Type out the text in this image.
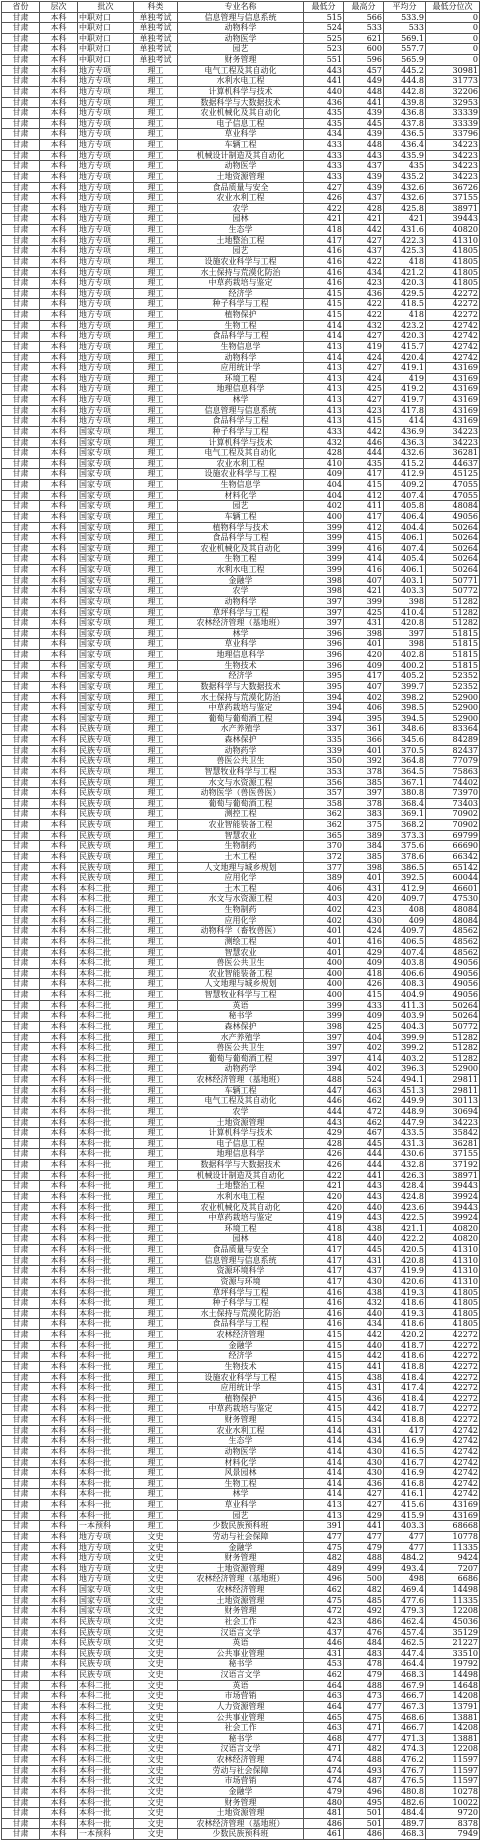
省份	层次	批次	科类	专业名称	最低分	最高分	平均分	最低分位次
甘肃	本科	中职对口	单独考试	信息管理与信息系统	515	566	533.9	0
甘肃	本科	中职对口	单独考试	动物科学	524	533	533	0
甘肃	本科	中职对口	单独考试	动物医学	525	621	569.1	0
甘肃	本科	中职对口	单独考试	园艺	523	600	557.7	0
甘肃	本科	中职对口	单独考试	财务管理	551	596	565.9	0
甘肃	本科	地方专项	理工	电气工程及其自动化	443	457	445.2	30981
甘肃	本科	地方专项	理工	水利水电工程	441	449	444.8	31773
甘肃	本科	地方专项	理工	计算机科学与技术	440	448	442.8	32206
甘肃	本科	地方专项	理工	数据科学与大数据技术	436	441	439.8	32953
甘肃	本科	地方专项	理工	农业机械化及其自动化	435	439	436.8	33339
甘肃	本科	地方专项	理工	电子信息工程	435	445	437.8	33339
甘肃	本科	地方专项	理工	草业科学	434	439	436.5	33796
甘肃	本科	地方专项	理工	车辆工程	433	448	436.4	34223
甘肃	本科	地方专项	理工	机械设计制造及其自动化	433	443	435.9	34223
甘肃	本科	地方专项	理工	动物医学	433	437	435	34223
甘肃	本科	地方专项	理工	土地资源管理	433	439	435.2	34223
甘肃	本科	地方专项	理工	食品质量与安全	427	439	432.6	36726
甘肃	本科	地方专项	理工	农业水利工程	426	437	432.6	37155
甘肃	本科	地方专项	理工	农学	422	428	425.8	38971
甘肃	本科	地方专项	理工	园林	421	421	421	39443
甘肃	本科	地方专项	理工	生态学	418	442	431.6	40820
甘肃	本科	地方专项	理工	土地整治工程	417	427	422.3	41310
甘肃	本科	地方专项	理工	园艺	416	437	425.3	41805
甘肃	本科	地方专项	理工	设施农业科学与工程	416	422	418	41805
甘肃	本科	地方专项	理工	水土保持与荒漠化防治	416	434	421.2	41805
甘肃	本科	地方专项	理工	中草药栽培与鉴定	416	423	420.3	41805
甘肃	本科	地方专项	理工	经济学	415	436	429.5	42272
甘肃	本科	地方专项	理工	种子科学与工程	415	422	418.5	42272
甘肃	本科	地方专项	理工	植物保护	415	422	418	42272
甘肃	本科	地方专项	理工	生物工程	414	432	423.2	42742
甘肃	本科	地方专项	理工	食品科学与工程	414	427	420.3	42742
甘肃	本科	地方专项	理工	生物信息学	413	419	415.7	42742
甘肃	本科	地方专项	理工	动物科学	414	424	420.4	42742
甘肃	本科	地方专项	理工	应用统计学	413	427	419.1	43169
甘肃	本科	地方专项	理工	环境工程	413	424	419	43169
甘肃	本科	地方专项	理工	地理信息科学	413	425	419.2	43169
甘肃	本科	地方专项	理工	林学	413	427	419.7	43169
甘肃	本科	地方专项	理工	信息管理与信息系统	413	423	417.8	43169
甘肃	本科	地方专项	理工	食品科学与工程	413	415	414	43169
甘肃	本科	国家专项	理工	种子科学与工程	433	442	436.9	34223
甘肃	本科	国家专项	理工	计算机科学与技术	432	446	436.3	34223
甘肃	本科	国家专项	理工	电气工程及其自动化	428	444	432.6	36281
甘肃	本科	国家专项	理工	农业水利工程	410	435	415.2	44637
甘肃	本科	国家专项	理工	设施农业科学与工程	409	417	412.9	45125
甘肃	本科	国家专项	理工	生物信息学	404	415	409.2	47055
甘肃	本科	国家专项	理工	材料化学	404	412	407.4	47055
甘肃	本科	国家专项	理工	园艺	402	411	405.8	48084
甘肃	本科	国家专项	理工	车辆工程	400	417	406.4	49056
甘肃	本科	国家专项	理工	植物科学与技术	399	412	404.4	50264
甘肃	本科	国家专项	理工	食品科学与工程	399	415	406.1	50264
甘肃	本科	国家专项	理工	农业机械化及其自动化	399	416	407.4	50264
甘肃	本科	国家专项	理工	生物工程	399	414	405.4	50264
甘肃	本科	国家专项	理工	水利水电工程	399	416	406.1	50264
甘肃	本科	国家专项	理工	金融学	398	407	403.1	50771
甘肃	本科	国家专项	理工	农学	398	421	403.3	50772
甘肃	本科	国家专项	理工	动物科学	397	399	398	51282
甘肃	本科	国家专项	理工	草坪科学与工程	397	425	410.4	51282
甘肃	本科	国家专项	理工	农林经济管理（基地班）	397	431	420.8	51282
甘肃	本科	国家专项	理工	林学	396	398	397	51815
甘肃	本科	国家专项	理工	草业科学	396	401	398	51815
甘肃	本科	国家专项	理工	地理信息科学	396	420	402.8	51815
甘肃	本科	国家专项	理工	生物技术	396	409	400.2	51815
甘肃	本科	国家专项	理工	经济学	395	417	405.2	52352
甘肃	本科	国家专项	理工	数据科学与大数据技术	395	407	399.7	52352
甘肃	本科	国家专项	理工	水土保持与荒漠化防治	394	402	398.2	52900
甘肃	本科	国家专项	理工	中草药栽培与鉴定	394	406	398.5	52900
甘肃	本科	国家专项	理工	葡萄与葡萄酒工程	394	395	394.5	52900
甘肃	本科	民族专项	理工	水产养殖学	337	361	348.6	83364
甘肃	本科	民族专项	理工	森林保护	335	366	345.6	84289
甘肃	本科	民族专项	理工	动物药学	339	401	370.5	82437
甘肃	本科	民族专项	理工	兽医公共卫生	350	392	364.8	77079
甘肃	本科	民族专项	理工	智慧牧业科学与工程	353	378	364.5	75863
甘肃	本科	民族专项	理工	水文与水资源工程	356	385	367.1	74402
甘肃	本科	民族专项	理工	动物医学（兽医兽医）	357	397	380.8	73970
甘肃	本科	民族专项	理工	葡萄与葡萄酒工程	358	378	368.4	73403
甘肃	本科	民族专项	理工	测控工程	362	383	369.1	70902
甘肃	本科	民族专项	理工	农业智能装备工程	362	375	368.2	70902
甘肃	本科	民族专项	理工	智慧农业	365	389	373.3	69799
甘肃	本科	民族专项	理工	生物制药	370	384	375.6	66690
甘肃	本科	民族专项	理工	土木工程	372	385	378.6	66342
甘肃	本科	民族专项	理工	人文地理与城乡规划	377	398	386.5	65142
甘肃	本科	民族专项	理工	应用化学	389	401	392.5	60044
甘肃	本科	本科二批	理工	土木工程	406	431	412.9	46601
甘肃	本科	本科二批	理工	水文与水资源工程	403	420	409.7	47530
甘肃	本科	本科二批	理工	生物制药	402	423	408	48084
甘肃	本科	本科二批	理工	应用化学	402	430	409	48084
甘肃	本科	本科二批	理工	动物科学（畜牧兽医）	401	424	409.7	48562
甘肃	本科	本科二批	理工	测绘工程	401	416	406.5	48562
甘肃	本科	本科二批	理工	智慧农业	401	429	407.4	48562
甘肃	本科	本科二批	理工	兽医公共卫生	400	409	403.8	49056
甘肃	本科	本科二批	理工	农业智能装备工程	400	418	406.6	49056
甘肃	本科	本科二批	理工	人文地理与城乡规划	400	426	408.3	49056
甘肃	本科	本科二批	理工	智慧牧业科学与工程	400	415	404.9	49056
甘肃	本科	本科二批	理工	英语	399	433	411.3	50264
甘肃	本科	本科二批	理工	秘书学	399	409	403.9	50264
甘肃	本科	本科二批	理工	森林保护	398	425	404.3	50772
甘肃	本科	本科二批	理工	水产养殖学	397	404	399.9	51282
甘肃	本科	本科二批	理工	兽医公共卫生	397	402	399.2	51282
甘肃	本科	本科二批	理工	葡萄与葡萄酒工程	397	414	403.2	51282
甘肃	本科	本科二批	理工	动物药学	394	402	396.3	52900
甘肃	本科	本科一批	理工	农林经济管理（基地班）	488	524	494.1	29811
甘肃	本科	本科一批	理工	车辆工程	447	463	451.3	29811
甘肃	本科	本科一批	理工	电气工程及其自动化	446	462	449.9	30113
甘肃	本科	本科一批	理工	农学	444	472	448.9	30694
甘肃	本科	本科一批	理工	土地资源管理	443	462	447.9	34223
甘肃	本科	本科一批	理工	计算机科学与技术	429	467	433.5	35842
甘肃	本科	本科一批	理工	电子信息工程	428	445	431.3	36281
甘肃	本科	本科一批	理工	地理信息科学	426	444	430.6	37155
甘肃	本科	本科一批	理工	数据科学与大数据技术	426	444	432.8	37192
甘肃	本科	本科一批	理工	机械设计制造及其自动化	422	441	426.3	38971
甘肃	本科	本科一批	理工	土地整治工程	421	443	428.4	39443
甘肃	本科	本科一批	理工	水利水电工程	420	443	424.8	39924
甘肃	本科	本科一批	理工	农业机械化及其自动化	420	440	423.6	39443
甘肃	本科	本科一批	理工	中草药栽培与鉴定	419	443	422.5	39924
甘肃	本科	本科一批	理工	环境工程	418	438	421.1	40820
甘肃	本科	本科一批	理工	园林	418	440	422.2	40820
甘肃	本科	本科一批	理工	食品质量与安全	417	445	420.5	41310
甘肃	本科	本科一批	理工	信息管理与信息系统	417	431	420.8	41310
甘肃	本科	本科一批	理工	资源环境科学	417	437	419.9	41310
甘肃	本科	本科一批	理工	资源与环境	417	430	420.6	41310
甘肃	本科	本科一批	理工	草坪科学与工程	416	438	419.3	41805
甘肃	本科	本科一批	理工	种子科学与工程	416	432	418.6	41805
甘肃	本科	本科一批	理工	水土保持与荒漠化防治	416	440	419.3	41805
甘肃	本科	本科一批	理工	食品科学与工程	416	434	418.6	41805
甘肃	本科	本科一批	理工	农林经济管理	415	442	420.2	42272
甘肃	本科	本科一批	理工	金融学	415	440	418.7	42272
甘肃	本科	本科一批	理工	经济学	415	442	418.6	42272
甘肃	本科	本科一批	理工	生物技术	415	441	418.8	42272
甘肃	本科	本科一批	理工	设施农业科学与工程	415	438	418.4	42272
甘肃	本科	本科一批	理工	应用统计学	415	431	417.4	42272
甘肃	本科	本科一批	理工	植物保护	415	436	418.4	42272
甘肃	本科	本科一批	理工	中草药栽培与鉴定	415	442	418.7	42272
甘肃	本科	本科一批	理工	财务管理	415	434	418.8	42272
甘肃	本科	本科一批	理工	农业水利工程	414	431	417	42742
甘肃	本科	本科一批	理工	生态学	414	434	416.9	42742
甘肃	本科	本科一批	理工	动物医学	414	430	416.5	42742
甘肃	本科	本科一批	理工	材料化学	414	430	416.7	42742
甘肃	本科	本科一批	理工	风景园林	414	430	416.9	42742
甘肃	本科	本科一批	理工	生物工程	414	436	416.8	42742
甘肃	本科	本科一批	理工	林学	414	427	416.1	42742
甘肃	本科	本科一批	理工	草业科学	413	427	415.6	43169
甘肃	本科	本科一批	理工	园艺	413	429	415.9	43169
甘肃	本科	一本预科	理工	少数民族预科班	391	441	403.3	68668
甘肃	本科	地方专项	文史	劳动与社会保障	477	477	477	10778
甘肃	本科	地方专项	文史	金融学	475	479	477	11335
甘肃	本科	地方专项	文史	财务管理	482	488	484.2	9424
甘肃	本科	地方专项	文史	土地资源管理	489	499	493.4	7207
甘肃	本科	地方专项	文史	农林经济管理（基地班）	496	500	498	6686
甘肃	本科	国家专项	文史	农林经济管理	462	482	469.4	14498
甘肃	本科	国家专项	文史	土地资源管理	475	485	477.6	11335
甘肃	本科	国家专项	文史	财务管理	472	492	479.3	12208
甘肃	本科	民族专项	文史	社会工作	423	486	462.4	45036
甘肃	本科	民族专项	文史	汉语言文学	437	476	457.4	35129
甘肃	本科	民族专项	文史	英语	446	484	462.5	21227
甘肃	本科	民族专项	文史	公共事业管理	431	483	447.4	33510
甘肃	本科	民族专项	文史	秘书学	453	478	464.4	19792
甘肃	本科	民族专项	文史	汉语言文学	462	479	468.3	14498
甘肃	本科	本科二批	文史	英语	464	488	467.9	14648
甘肃	本科	本科二批	文史	市场营销	463	473	466.7	14208
甘肃	本科	本科二批	文史	人力资源管理	464	477	467.3	13791
甘肃	本科	本科二批	文史	公共事业管理	465	475	468.6	13881
甘肃	本科	本科二批	文史	社会工作	463	471	466.7	14208
甘肃	本科	本科二批	文史	秘书学	468	477	471.3	13881
甘肃	本科	本科二批	文史	汉语言文学	471	482	474.3	12208
甘肃	本科	本科二批	文史	农林经济管理	474	488	476.2	11597
甘肃	本科	本科一批	文史	劳动与社会保障	474	493	476.7	11597
甘肃	本科	本科一批	文史	市场营销	474	487	476.5	11597
甘肃	本科	本科一批	文史	金融学	479	496	480.8	10278
甘肃	本科	本科一批	文史	财务管理	480	495	482.6	10022
甘肃	本科	本科一批	文史	土地资源管理	481	501	484.4	9720
甘肃	本科	本科一批	文史	农林经济管理（基地班）	486	501	489.7	8378
甘肃	本科	一本预科	文史	少数民族预科班	461	486	468.3	7949
